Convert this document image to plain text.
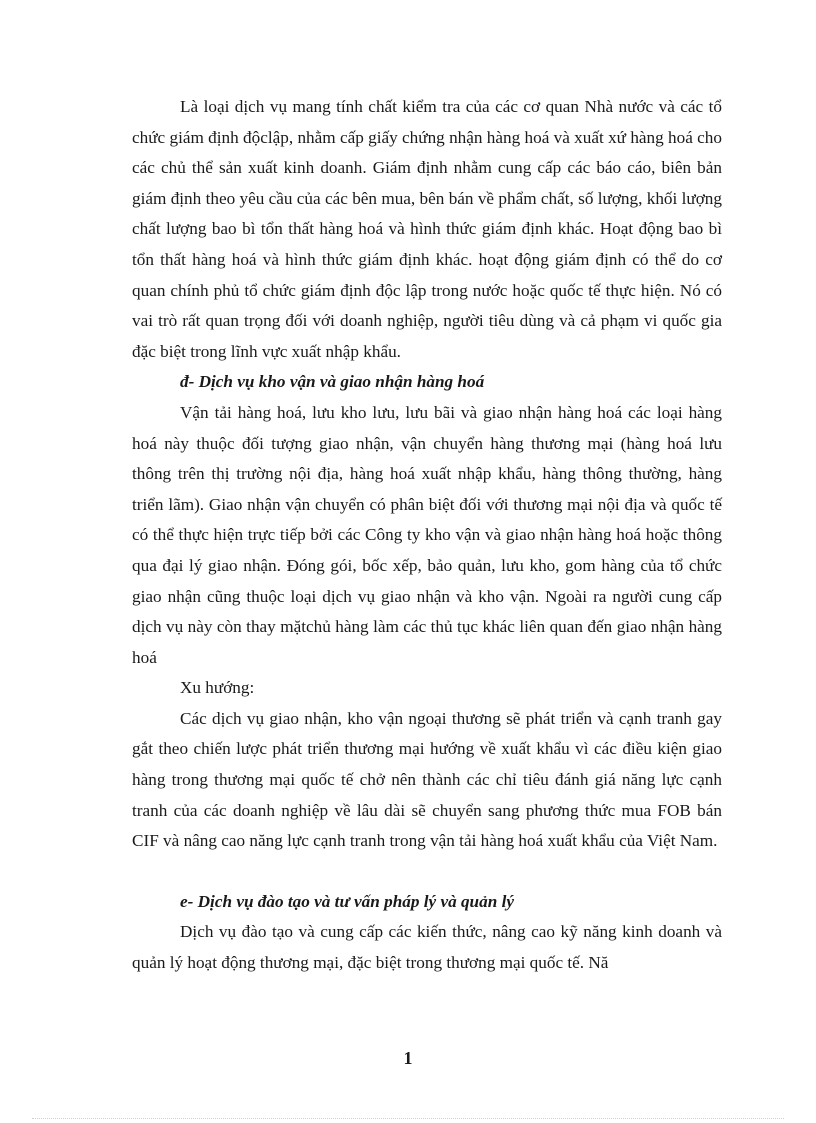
Là loại dịch vụ mang tính chất kiểm tra của các cơ quan Nhà nước và các tổ chức giám định độclập, nhằm cấp giấy chứng nhận hàng hoá và xuất xứ hàng hoá cho các chủ thể sản xuất kinh doanh. Giám định nhằm cung cấp các báo cáo, biên bản giám định theo yêu cầu của các bên mua, bên bán về phẩm chất, số lượng, khối lượng chất lượng bao bì tổn thất hàng hoá và hình thức giám định khác. Hoạt động bao bì tổn thất hàng hoá và hình thức giám định khác. hoạt động giám định có thể do cơ quan chính phủ tổ chức giám định độc lập trong nước hoặc quốc tế thực hiện. Nó có vai trò rất quan trọng đối với doanh nghiệp, người tiêu dùng và cả phạm vi quốc gia đặc biệt trong lĩnh vực xuất nhập khẩu.

đ- Dịch vụ kho vận và giao nhận hàng hoá

Vận tải hàng hoá, lưu kho lưu, lưu bãi và giao nhận hàng hoá các loại hàng hoá này thuộc đối tượng giao nhận, vận chuyển hàng thương mại (hàng hoá lưu thông trên thị trường nội địa, hàng hoá xuất nhập khẩu, hàng thông thường, hàng triển lãm). Giao nhận vận chuyển có phân biệt đối với thương mại nội địa và quốc tế có thể thực hiện trực tiếp bởi các Công ty kho vận và giao nhận hàng hoá hoặc thông qua đại lý giao nhận. Đóng gói, bốc xếp, bảo quản, lưu kho, gom hàng của tổ chức giao nhận cũng thuộc loại dịch vụ giao nhận và kho vận. Ngoài ra người cung cấp dịch vụ này còn thay mặtchủ hàng làm các thủ tục khác liên quan đến giao nhận hàng hoá

Xu hướng:

Các dịch vụ giao nhận, kho vận ngoại thương sẽ phát triển và cạnh tranh gay gắt theo chiến lược phát triển thương mại hướng về xuất khẩu vì các điều kiện giao hàng trong thương mại quốc tế chở nên thành các chỉ tiêu đánh giá năng lực cạnh tranh của các doanh nghiệp về lâu dài sẽ chuyển sang phương thức mua FOB bán CIF và nâng cao năng lực cạnh tranh trong vận tải hàng hoá xuất khẩu của Việt Nam.

e- Dịch vụ đào tạo và tư vấn pháp lý và quản lý

Dịch vụ đào tạo và cung cấp các kiến thức, nâng cao kỹ năng kinh doanh và quản lý hoạt động thương mại, đặc biệt trong thương mại quốc tế. Nă

1
